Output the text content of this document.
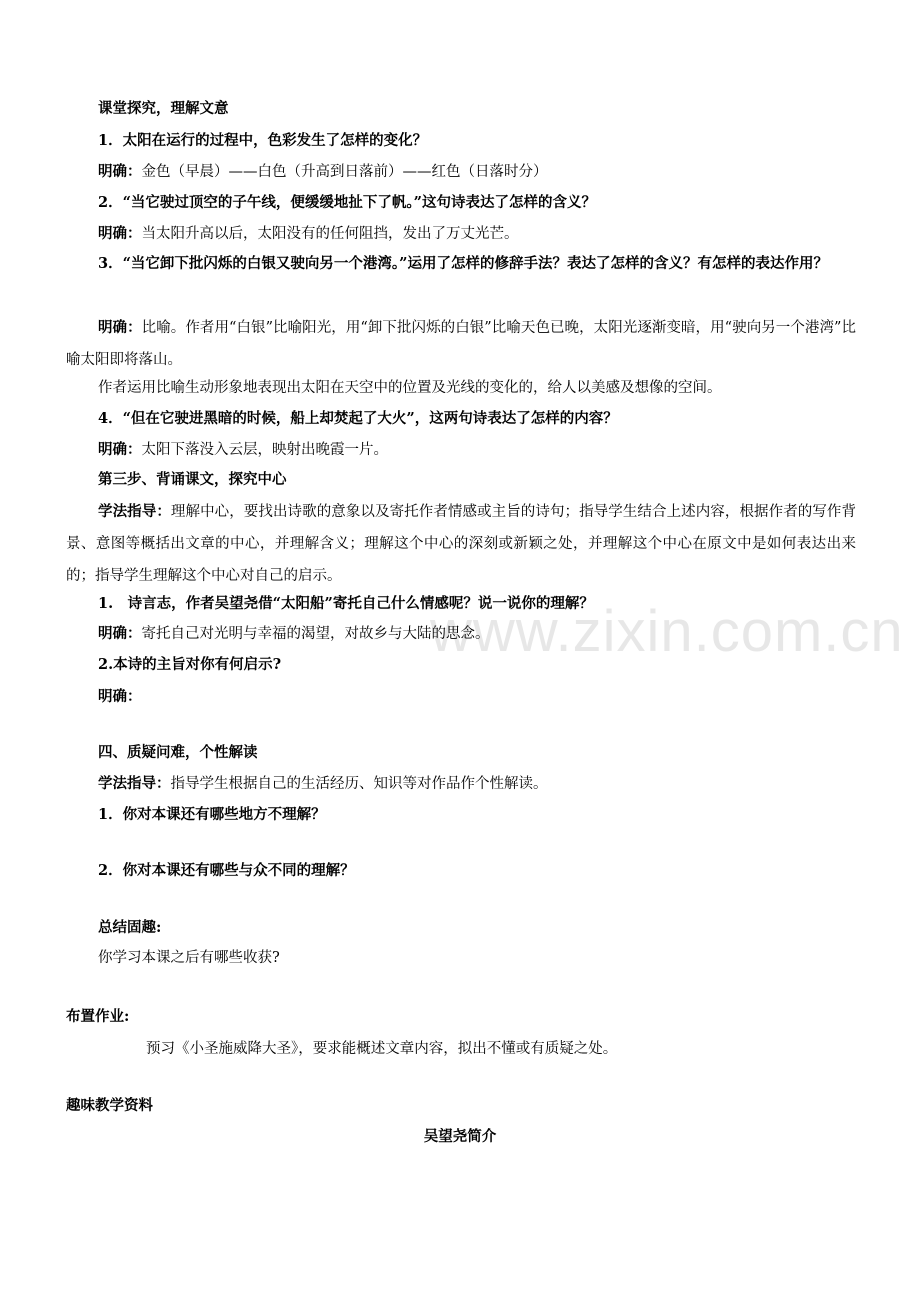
www.zixin.com.cn
课堂探究，理解文意
1．太阳在运行的过程中，色彩发生了怎样的变化？
明确：金色（早晨）——白色（升高到日落前）——红色（日落时分）
2．“当它驶过顶空的子午线，便缓缓地扯下了帆。”这句诗表达了怎样的含义？
明确：当太阳升高以后，太阳没有的任何阻挡，发出了万丈光芒。
3．“当它卸下批闪烁的白银又驶向另一个港湾。”运用了怎样的修辞手法？表达了怎样的含义？有怎样的表达作用？
明确：比喻。作者用“白银”比喻阳光，用“卸下批闪烁的白银”比喻天色已晚，太阳光逐渐变暗，用“驶向另一个港湾”比喻太阳即将落山。
作者运用比喻生动形象地表现出太阳在天空中的位置及光线的变化的，给人以美感及想像的空间。
4．“但在它驶进黑暗的时候，船上却焚起了大火”，这两句诗表达了怎样的内容？
明确：太阳下落没入云层，映射出晚霞一片。
第三步、背诵课文，探究中心
学法指导：理解中心，要找出诗歌的意象以及寄托作者情感或主旨的诗句；指导学生结合上述内容，根据作者的写作背景、意图等概括出文章的中心，并理解含义；理解这个中心的深刻或新颖之处，并理解这个中心在原文中是如何表达出来的；指导学生理解这个中心对自己的启示。
1.　诗言志，作者吴望尧借“太阳船”寄托自己什么情感呢？说一说你的理解？
明确：寄托自己对光明与幸福的渴望，对故乡与大陆的思念。
2.本诗的主旨对你有何启示?
明确：
四、质疑问难，个性解读
学法指导：指导学生根据自己的生活经历、知识等对作品作个性解读。
1．你对本课还有哪些地方不理解？
2．你对本课还有哪些与众不同的理解？
总结固趣:
你学习本课之后有哪些收获?
布置作业:
预习《小圣施威降大圣》，要求能概述文章内容，拟出不懂或有质疑之处。
趣味教学资料
吴望尧简介
